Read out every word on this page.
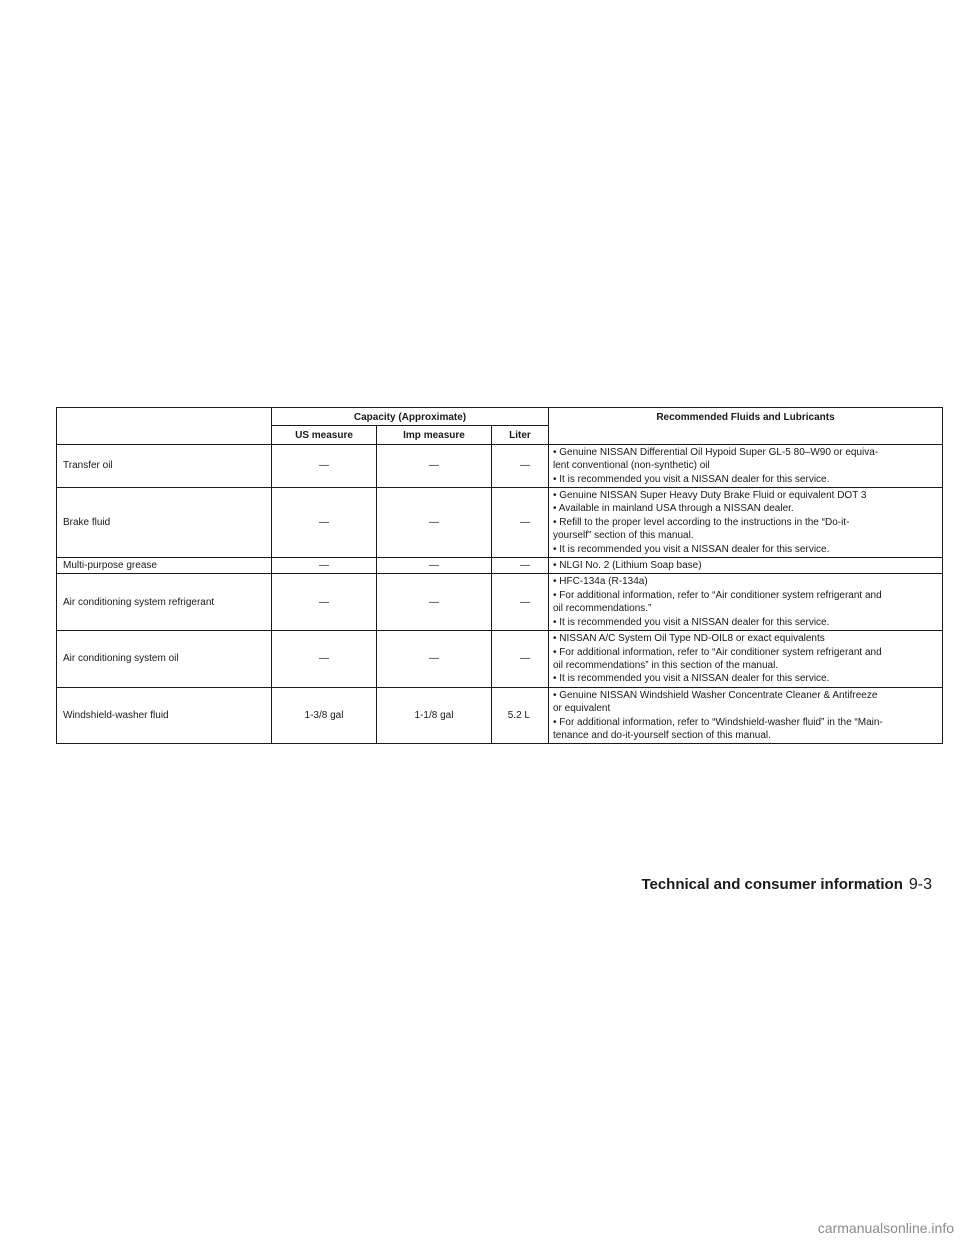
	Capacity (Approximate)			Recommended Fluids and Lubricants
	US measure	Imp measure	Liter	
Transfer oil	—	—	—	• Genuine NISSAN Differential Oil Hypoid Super GL-5 80–W90 or equiva-
lent conventional (non-synthetic) oil
• It is recommended you visit a NISSAN dealer for this service.

Brake fluid	—	—	—	• Genuine NISSAN Super Heavy Duty Brake Fluid or equivalent DOT 3
• Available in mainland USA through a NISSAN dealer.
• Refill to the proper level according to the instructions in the “Do-it-
yourself” section of this manual.
• It is recommended you visit a NISSAN dealer for this service.

Multi-purpose grease	—	—	—	• NLGI No. 2 (Lithium Soap base)

Air conditioning system refrigerant	—	—	—	• HFC-134a (R-134a)
• For additional information, refer to “Air conditioner system refrigerant and
oil recommendations.”
• It is recommended you visit a NISSAN dealer for this service.

Air conditioning system oil	—	—	—	• NISSAN A/C System Oil Type ND-OIL8 or exact equivalents
• For additional information, refer to “Air conditioner system refrigerant and
oil recommendations” in this section of the manual.
• It is recommended you visit a NISSAN dealer for this service.

Windshield-washer fluid	1-3/8 gal	1-1/8 gal	5.2 L	• Genuine NISSAN Windshield Washer Concentrate Cleaner & Antifreeze
or equivalent
• For additional information, refer to “Windshield-washer fluid” in the “Main-
tenance and do-it-yourself section of this manual.
Technical and consumer information 9-3
carmanualsonline.info
